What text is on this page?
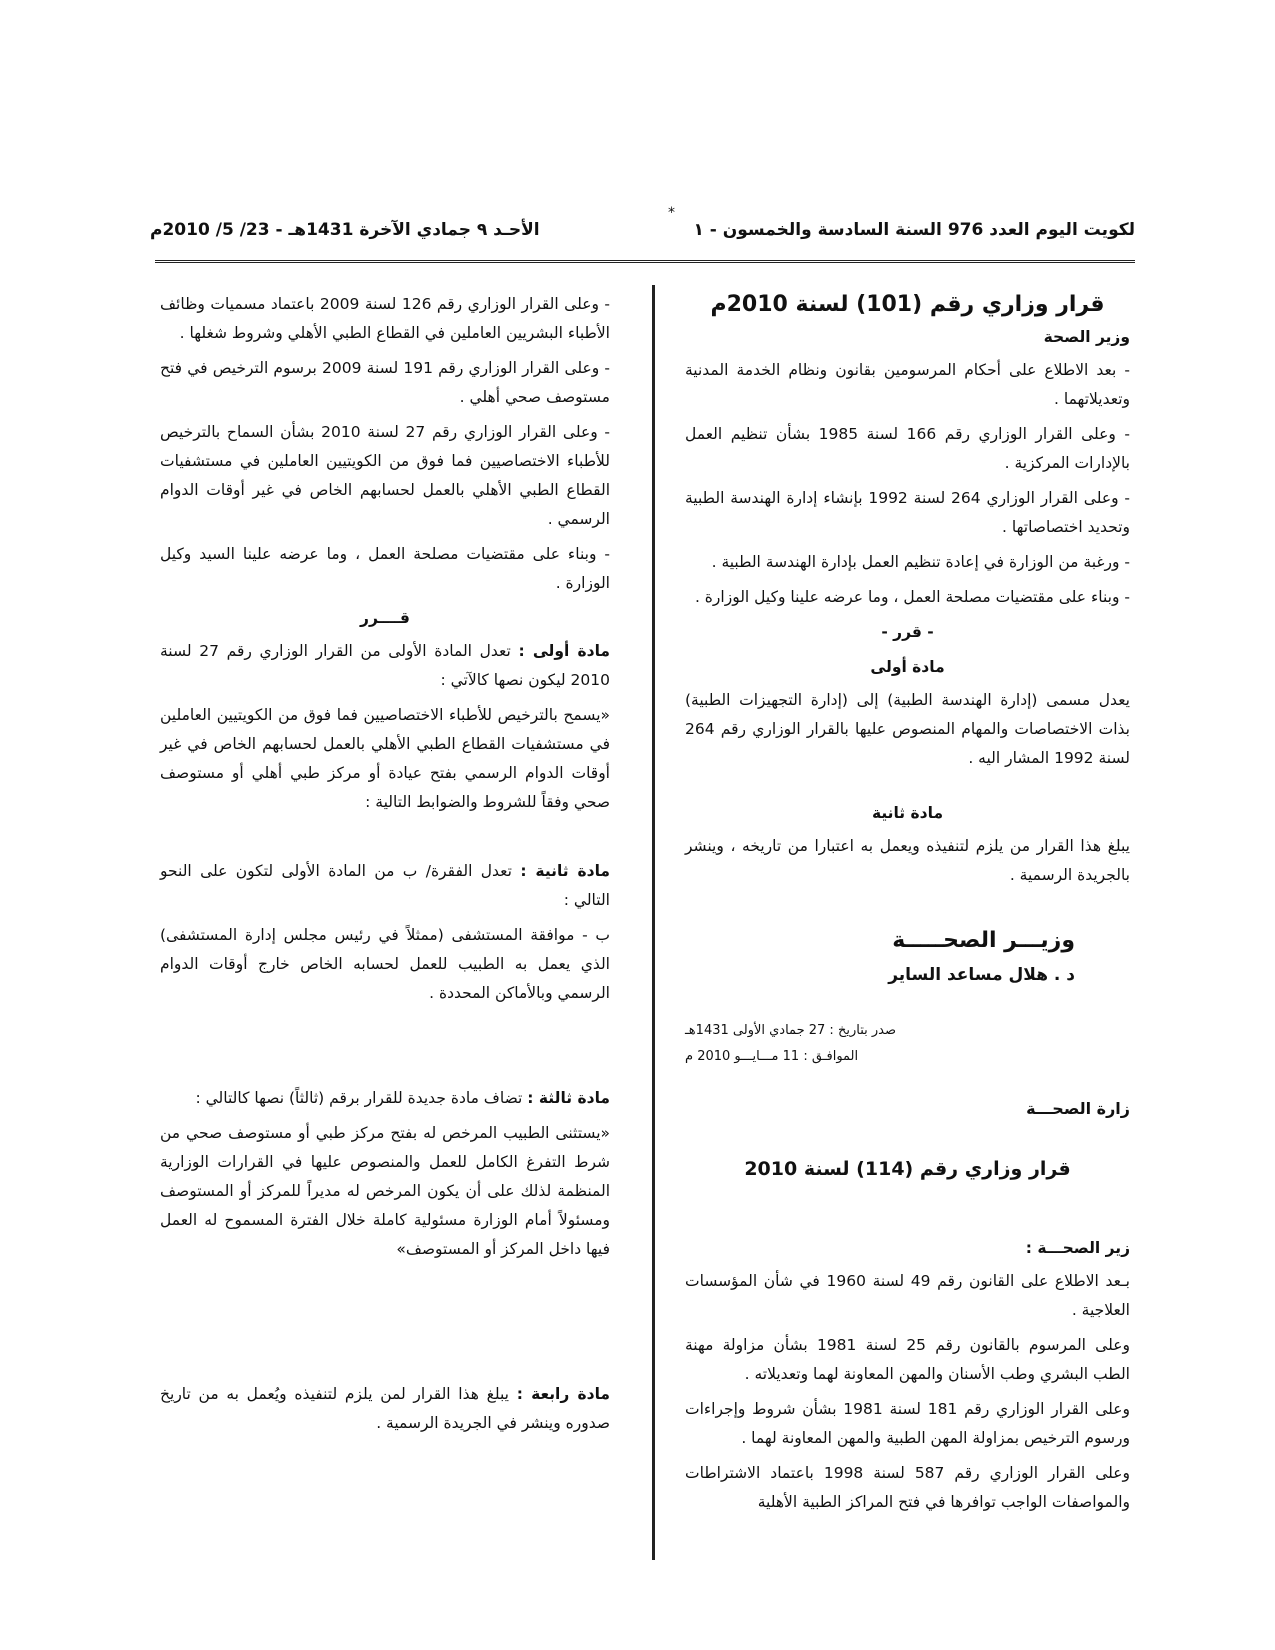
لكويت اليوم العدد 976 السنة السادسة والخمسون - ١
الأحـد ٩ جمادي الآخرة 1431هـ - 23/ 5/ 2010م
*
قرار وزاري رقم (101) لسنة 2010م
وزير الصحة

- بعد الاطلاع على أحكام المرسومين بقانون ونظام الخدمة المدنية وتعديلاتهما .

- وعلى القرار الوزاري رقم 166 لسنة 1985 بشأن تنظيم العمل بالإدارات المركزية .

- وعلى القرار الوزاري 264 لسنة 1992 بإنشاء إدارة الهندسة الطبية وتحديد اختصاصاتها .

- ورغبة من الوزارة في إعادة تنظيم العمل بإدارة الهندسة الطبية .

- وبناء على مقتضيات مصلحة العمل ، وما عرضه علينا وكيل الوزارة .

- قرر -
مادة أولى

يعدل مسمى (إدارة الهندسة الطبية) إلى (إدارة التجهيزات الطبية) بذات الاختصاصات والمهام المنصوص عليها بالقرار الوزاري رقم 264 لسنة 1992 المشار اليه .

مادة ثانية

يبلغ هذا القرار من يلزم لتنفيذه ويعمل به اعتبارا من تاريخه ، وينشر بالجريدة الرسمية .

وزيـــر الصحـــــة
د . هلال مساعد الساير
صدر بتاريخ : 27 جمادي الأولى 1431هـ
الموافـق : 11 مـــايـــو 2010 م
زارة الصحـــة
قرار وزاري رقم (114) لسنة 2010
زير الصحـــة :

بـعد الاطلاع على القانون رقم 49 لسنة 1960 في شأن المؤسسات العلاجية .

وعلى المرسوم بالقانون رقم 25 لسنة 1981 بشأن مزاولة مهنة الطب البشري وطب الأسنان والمهن المعاونة لهما وتعديلاته .

وعلى القرار الوزاري رقم 181 لسنة 1981 بشأن شروط وإجراءات ورسوم الترخيص بمزاولة المهن الطبية والمهن المعاونة لهما .

وعلى القرار الوزاري رقم 587 لسنة 1998 باعتماد الاشتراطات والمواصفات الواجب توافرها في فتح المراكز الطبية الأهلية

- وعلى القرار الوزاري رقم 126 لسنة 2009 باعتماد مسميات وظائف الأطباء البشريين العاملين في القطاع الطبي الأهلي وشروط شغلها .

- وعلى القرار الوزاري رقم 191 لسنة 2009 برسوم الترخيص في فتح مستوصف صحي أهلي .

- وعلى القرار الوزاري رقم 27 لسنة 2010 بشأن السماح بالترخيص للأطباء الاختصاصيين فما فوق من الكويتيين العاملين في مستشفيات القطاع الطبي الأهلي بالعمل لحسابهم الخاص في غير أوقات الدوام الرسمي .

- وبناء على مقتضيات مصلحة العمل ، وما عرضه علينا السيد وكيل الوزارة .

قــــرر

مادة أولى : تعدل المادة الأولى من القرار الوزاري رقم 27 لسنة 2010 ليكون نصها كالآتي :

«يسمح بالترخيص للأطباء الاختصاصيين فما فوق من الكويتيين العاملين في مستشفيات القطاع الطبي الأهلي بالعمل لحسابهم الخاص في غير أوقات الدوام الرسمي بفتح عيادة أو مركز طبي أهلي أو مستوصف صحي وفقاً للشروط والضوابط التالية :

مادة ثانية : تعدل الفقرة/ ب من المادة الأولى لتكون على النحو التالي :

ب - موافقة المستشفى (ممثلاً في رئيس مجلس إدارة المستشفى) الذي يعمل به الطبيب للعمل لحسابه الخاص خارج أوقات الدوام الرسمي وبالأماكن المحددة .

مادة ثالثة : تضاف مادة جديدة للقرار برقم (ثالثاً) نصها كالتالي :

«يستثنى الطبيب المرخص له بفتح مركز طبي أو مستوصف صحي من شرط التفرغ الكامل للعمل والمنصوص عليها في القرارات الوزارية المنظمة لذلك على أن يكون المرخص له مديراً للمركز أو المستوصف ومسئولاً أمام الوزارة مسئولية كاملة خلال الفترة المسموح له العمل فيها داخل المركز أو المستوصف»

مادة رابعة : يبلغ هذا القرار لمن يلزم لتنفيذه ويُعمل به من تاريخ صدوره وينشر في الجريدة الرسمية .
